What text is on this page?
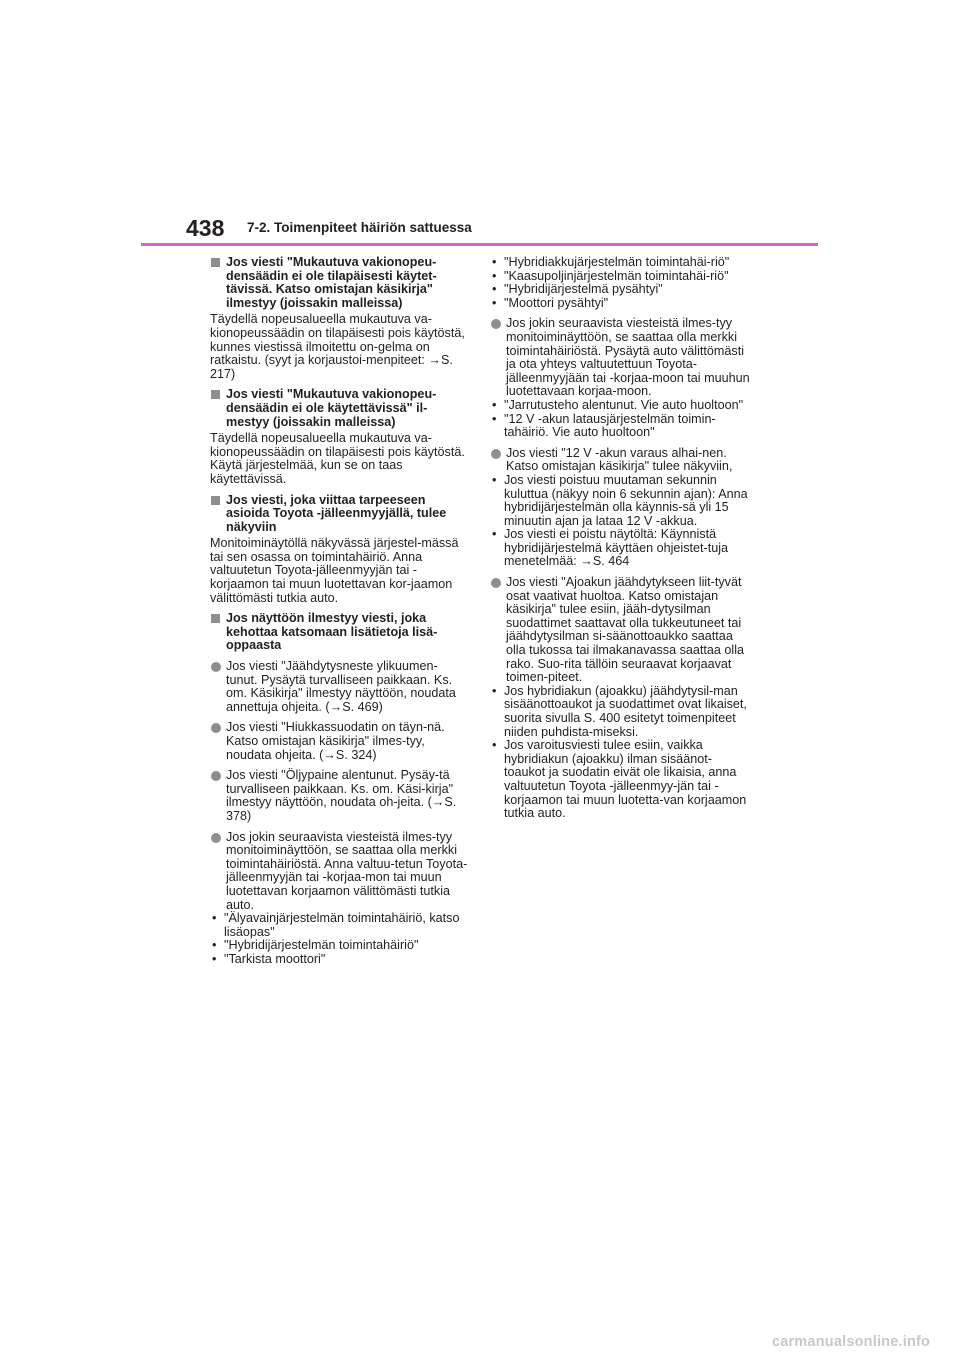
438 7-2. Toimenpiteet häiriön sattuessa
Jos viesti "Mukautuva vakionopeu-densäädin ei ole tilapäisesti käytet-tävissä. Katso omistajan käsikirja" ilmestyy (joissakin malleissa)
Täydellä nopeusalueella mukautuva va-kionopeussäädin on tilapäisesti pois käytöstä, kunnes viestissä ilmoitettu on-gelma on ratkaistu. (syyt ja korjaustoi-menpiteet: →S. 217)
Jos viesti "Mukautuva vakionopeu-densäädin ei ole käytettävissä" il-mestyy (joissakin malleissa)
Täydellä nopeusalueella mukautuva va-kionopeussäädin on tilapäisesti pois käytöstä. Käytä järjestelmää, kun se on taas käytettävissä.
Jos viesti, joka viittaa tarpeeseen asioida Toyota -jälleenmyyjällä, tulee näkyviin
Monitoiminäytöllä näkyvässä järjestel-mässä tai sen osassa on toimintahäiriö. Anna valtuutetun Toyota-jälleenmyyjän tai -korjaamon tai muun luotettavan kor-jaamon välittömästi tutkia auto.
Jos näyttöön ilmestyy viesti, joka kehottaa katsomaan lisätietoja lisä-oppaasta
Jos viesti "Jäähdytysneste ylikuumen-tunut. Pysäytä turvalliseen paikkaan. Ks. om. Käsikirja" ilmestyy näyttöön, noudata annettuja ohjeita. (→S. 469)
Jos viesti "Hiukkassuodatin on täyn-nä. Katso omistajan käsikirja" ilmes-tyy, noudata ohjeita. (→S. 324)
Jos viesti "Öljypaine alentunut. Pysäy-tä turvalliseen paikkaan. Ks. om. Käsi-kirja" ilmestyy näyttöön, noudata oh-jeita. (→S. 378)
Jos jokin seuraavista viesteistä ilmes-tyy monitoiminäyttöön, se saattaa olla merkki toimintahäiriöstä. Anna valtuu-tetun Toyota-jälleenmyyjän tai -korjaa-mon tai muun luotettavan korjaamon välittömästi tutkia auto.
• "Älyavainjärjestelmän toimintahäiriö, katso lisäopas"
• "Hybridijärjestelmän toimintahäiriö"
• "Tarkista moottori"
• "Hybridiakkujärjestelmän toimintahäi-riö"
• "Kaasupoljinjärjestelmän toimintahäi-riö"
• "Hybridijärjestelmä pysähtyi"
• "Moottori pysähtyi"
Jos jokin seuraavista viesteistä ilmes-tyy monitoiminäyttöön, se saattaa olla merkki toimintahäiriöstä. Pysäytä auto välittömästi ja ota yhteys valtuutettuun Toyota-jälleenmyyjään tai -korjaa-moon tai muuhun luotettavaan korjaa-moon.
• "Jarrutusteho alentunut. Vie auto huoltoon"
• "12 V -akun latausjärjestelmän toimin-tahäiriö. Vie auto huoltoon"
Jos viesti "12 V -akun varaus alhai-nen. Katso omistajan käsikirja" tulee näkyviin,
• Jos viesti poistuu muutaman sekunnin kuluttua (näkyy noin 6 sekunnin ajan): Anna hybridijärjestelmän olla käynnis-sä yli 15 minuutin ajan ja lataa 12 V -akkua.
• Jos viesti ei poistu näytöltä: Käynnistä hybridijärjestelmä käyttäen ohjeistet-tuja menetelmää: →S. 464
Jos viesti "Ajoakun jäähdytykseen liit-tyvät osat vaativat huoltoa. Katso omistajan käsikirja" tulee esiin, jääh-dytysilman suodattimet saattavat olla tukkeutuneet tai jäähdytysilman si-säänottoaukko saattaa olla tukossa tai ilmakanavassa saattaa olla rako. Suo-rita tällöin seuraavat korjaavat toimen-piteet.
• Jos hybridiakun (ajoakku) jäähdytysil-man sisäänottoaukot ja suodattimet ovat likaiset, suorita sivulla S. 400 esitetyt toimenpiteet niiden puhdista-miseksi.
• Jos varoitusviesti tulee esiin, vaikka hybridiakun (ajoakku) ilman sisäänot-toaukot ja suodatin eivät ole likaisia, anna valtuutetun Toyota -jälleenmyy-jän tai -korjaamon tai muun luotetta-van korjaamon tutkia auto.
carmanualsonline.info
